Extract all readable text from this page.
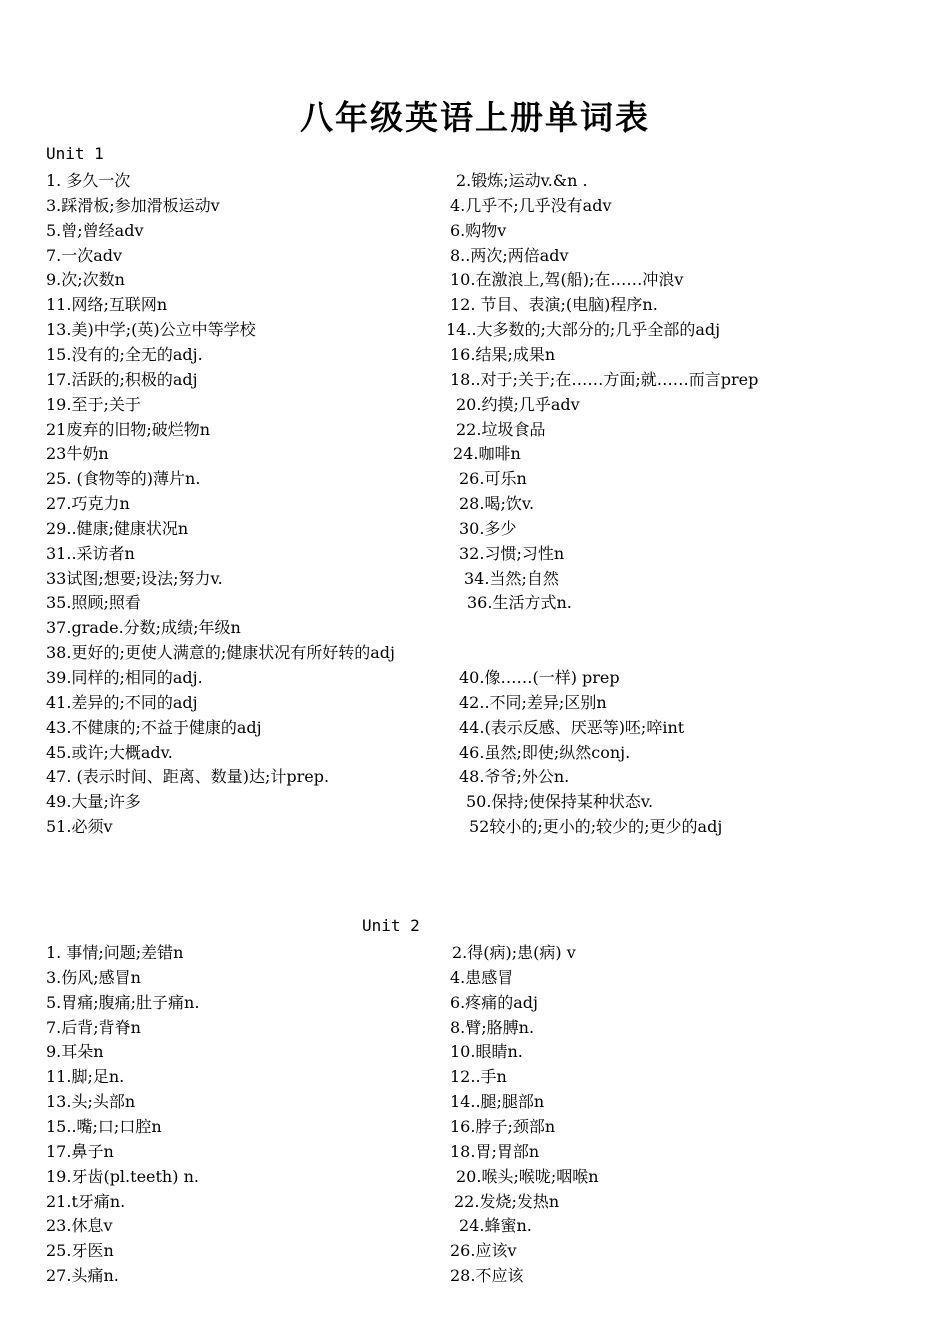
八年级英语上册单词表
Unit 1
1. 多久一次	2.锻炼;运动v.&n .
3.踩滑板;参加滑板运动v	4.几乎不;几乎没有adv
5.曾;曾经adv	6.购物v
7.一次adv	8..两次;两倍adv
9.次;次数n	10.在激浪上,驾(船);在……冲浪v
11.网络;互联网n	12. 节目、表演;(电脑)程序n.
13.美)中学;(英)公立中等学校	14..大多数的;大部分的;几乎全部的adj
15.没有的;全无的adj.	16.结果;成果n
17.活跃的;积极的adj	18..对于;关于;在……方面;就……而言prep
19.至于;关于	20.约摸;几乎adv
21废弃的旧物;破烂物n	22.垃圾食品
23牛奶n	24.咖啡n
25. (食物等的)薄片n.	26.可乐n
27.巧克力n	28.喝;饮v.
29..健康;健康状况n	30.多少
31..采访者n	32.习惯;习性n
33试图;想要;设法;努力v.	34.当然;自然
35.照顾;照看	36.生活方式n.
37.grade.分数;成绩;年级n
38.更好的;更使人满意的;健康状况有所好转的adj
39.同样的;相同的adj.	40.像……(一样) prep
41.差异的;不同的adj	42..不同;差异;区别n
43.不健康的;不益于健康的adj	44.(表示反感、厌恶等)呸;啐int
45.或许;大概adv.	46.虽然;即使;纵然conj.
47. (表示时间、距离、数量)达;计prep.	48.爷爷;外公n.
49.大量;许多	50.保持;使保持某种状态v.
51.必须v	52较小的;更小的;较少的;更少的adj
Unit 2
1. 事情;问题;差错n	2.得(病);患(病) v
3.伤风;感冒n	4.患感冒
5.胃痛;腹痛;肚子痛n.	6.疼痛的adj
7.后背;背脊n	8.臂;胳膊n.
9.耳朵n	10.眼睛n.
11.脚;足n.	12..手n
13.头;头部n	14..腿;腿部n
15..嘴;口;口腔n	16.脖子;颈部n
17.鼻子n	18.胃;胃部n
19.牙齿(pl.teeth) n.	20.喉头;喉咙;咽喉n
21.t牙痛n.	22.发烧;发热n
23.休息v	24.蜂蜜n.
25.牙医n	26.应该v
27.头痛n.	28.不应该
